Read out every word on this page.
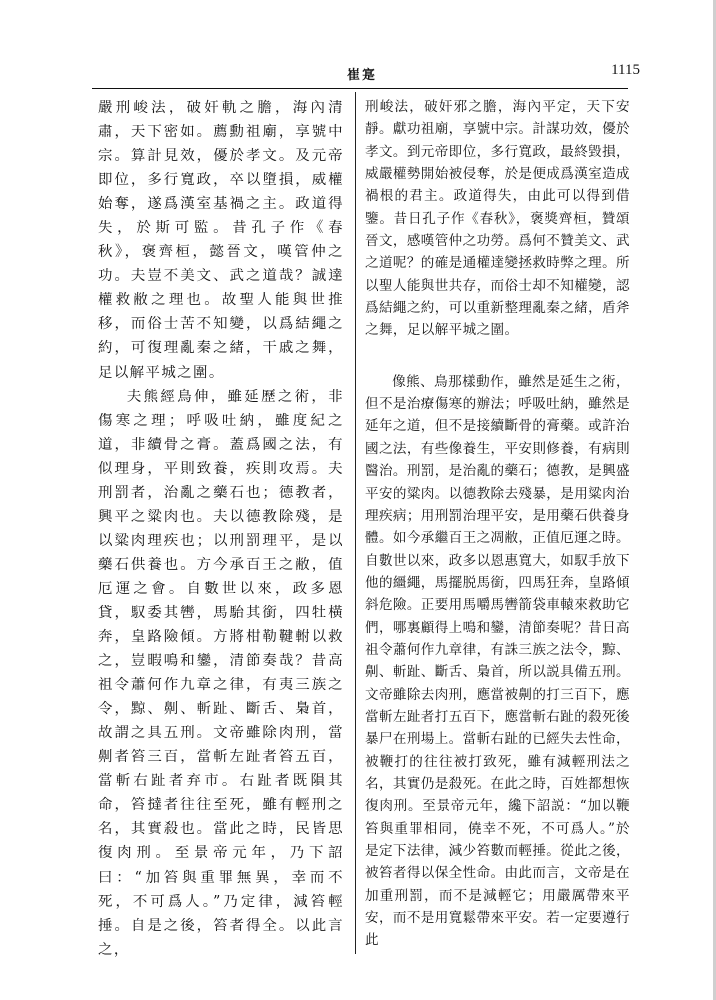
崔寔	1115

嚴刑峻法，破奸軌之膽，海內清肅，天下密如。薦勳祖廟，享號中宗。算計見效，優於孝文。及元帝即位，多行寬政，卒以墮損，威權始奪，遂爲漢室基禍之主。政道得失，於斯可監。昔孔子作《春秋》，褒齊桓，懿晉文，嘆管仲之功。夫豈不美文、武之道哉？誠達權救敝之理也。故聖人能與世推移，而俗士苦不知變，以爲結繩之約，可復理亂秦之緒，干戚之舞，足以解平城之圍。

夫熊經鳥伸，雖延歷之術，非傷寒之理；呼吸吐納，雖度紀之道，非續骨之膏。蓋爲國之法，有似理身，平則致養，疾則攻焉。夫刑罰者，治亂之藥石也；德教者，興平之粱肉也。夫以德教除殘，是以粱肉理疾也；以刑罰理平，是以藥石供養也。方今承百王之敝，值厄運之會。自數世以來，政多恩貸，馭委其轡，馬駘其銜，四牡橫奔，皇路險傾。方將柑勒鞬軵以救之，豈暇鳴和鑾，清節奏哉？昔高祖令蕭何作九章之律，有夷三族之令，黥、劓、斬趾、斷舌、梟首，故謂之具五刑。文帝雖除肉刑，當劓者笞三百，當斬左趾者笞五百，當斬右趾者弃市。右趾者既隕其命，笞撻者往往至死，雖有輕刑之名，其實殺也。當此之時，民皆思復肉刑。至景帝元年，乃下詔曰：“加笞與重罪無異，幸而不死，不可爲人。”乃定律，減笞輕捶。自是之後，笞者得全。以此言之，

刑峻法，破奸邪之膽，海內平定，天下安靜。獻功祖廟，享號中宗。計謀功效，優於孝文。到元帝即位，多行寬政，最終毀損，威嚴權勢開始被侵奪，於是便成爲漢室造成禍根的君主。政道得失，由此可以得到借鑒。昔日孔子作《春秋》，褒獎齊桓，贊頌晉文，感嘆管仲之功勞。爲何不贊美文、武之道呢？的確是通權達變拯救時弊之理。所以聖人能與世共存，而俗士却不知權變，認爲結繩之約，可以重新整理亂秦之緒，盾斧之舞，足以解平城之圍。

像熊、鳥那樣動作，雖然是延生之術，但不是治療傷寒的辦法；呼吸吐納，雖然是延年之道，但不是接續斷骨的膏藥。或許治國之法，有些像養生，平安則修養，有病則醫治。刑罰，是治亂的藥石；德教，是興盛平安的粱肉。以德教除去殘暴，是用粱肉治理疾病；用刑罰治理平安，是用藥石供養身體。如今承繼百王之凋敝，正值厄運之時。自數世以來，政多以恩惠寬大，如馭手放下他的繮繩，馬擺脱馬銜，四馬狂奔，皇路傾斜危險。正要用馬嚼馬轡箭袋車轅來救助它們，哪裏顧得上鳴和鑾，清節奏呢？昔日高祖令蕭何作九章律，有誅三族之法令，黥、劓、斬趾、斷舌、梟首，所以説具備五刑。文帝雖除去肉刑，應當被劓的打三百下，應當斬左趾者打五百下，應當斬右趾的殺死後暴尸在刑場上。當斬右趾的已經失去性命，被鞭打的往往被打致死，雖有減輕刑法之名，其實仍是殺死。在此之時，百姓都想恢復肉刑。至景帝元年，纔下詔説：“加以鞭笞與重罪相同，僥幸不死，不可爲人。”於是定下法律，減少笞數而輕捶。從此之後，被笞者得以保全性命。由此而言，文帝是在加重刑罰，而不是減輕它；用嚴厲帶來平安，而不是用寬鬆帶來平安。若一定要遵行此
